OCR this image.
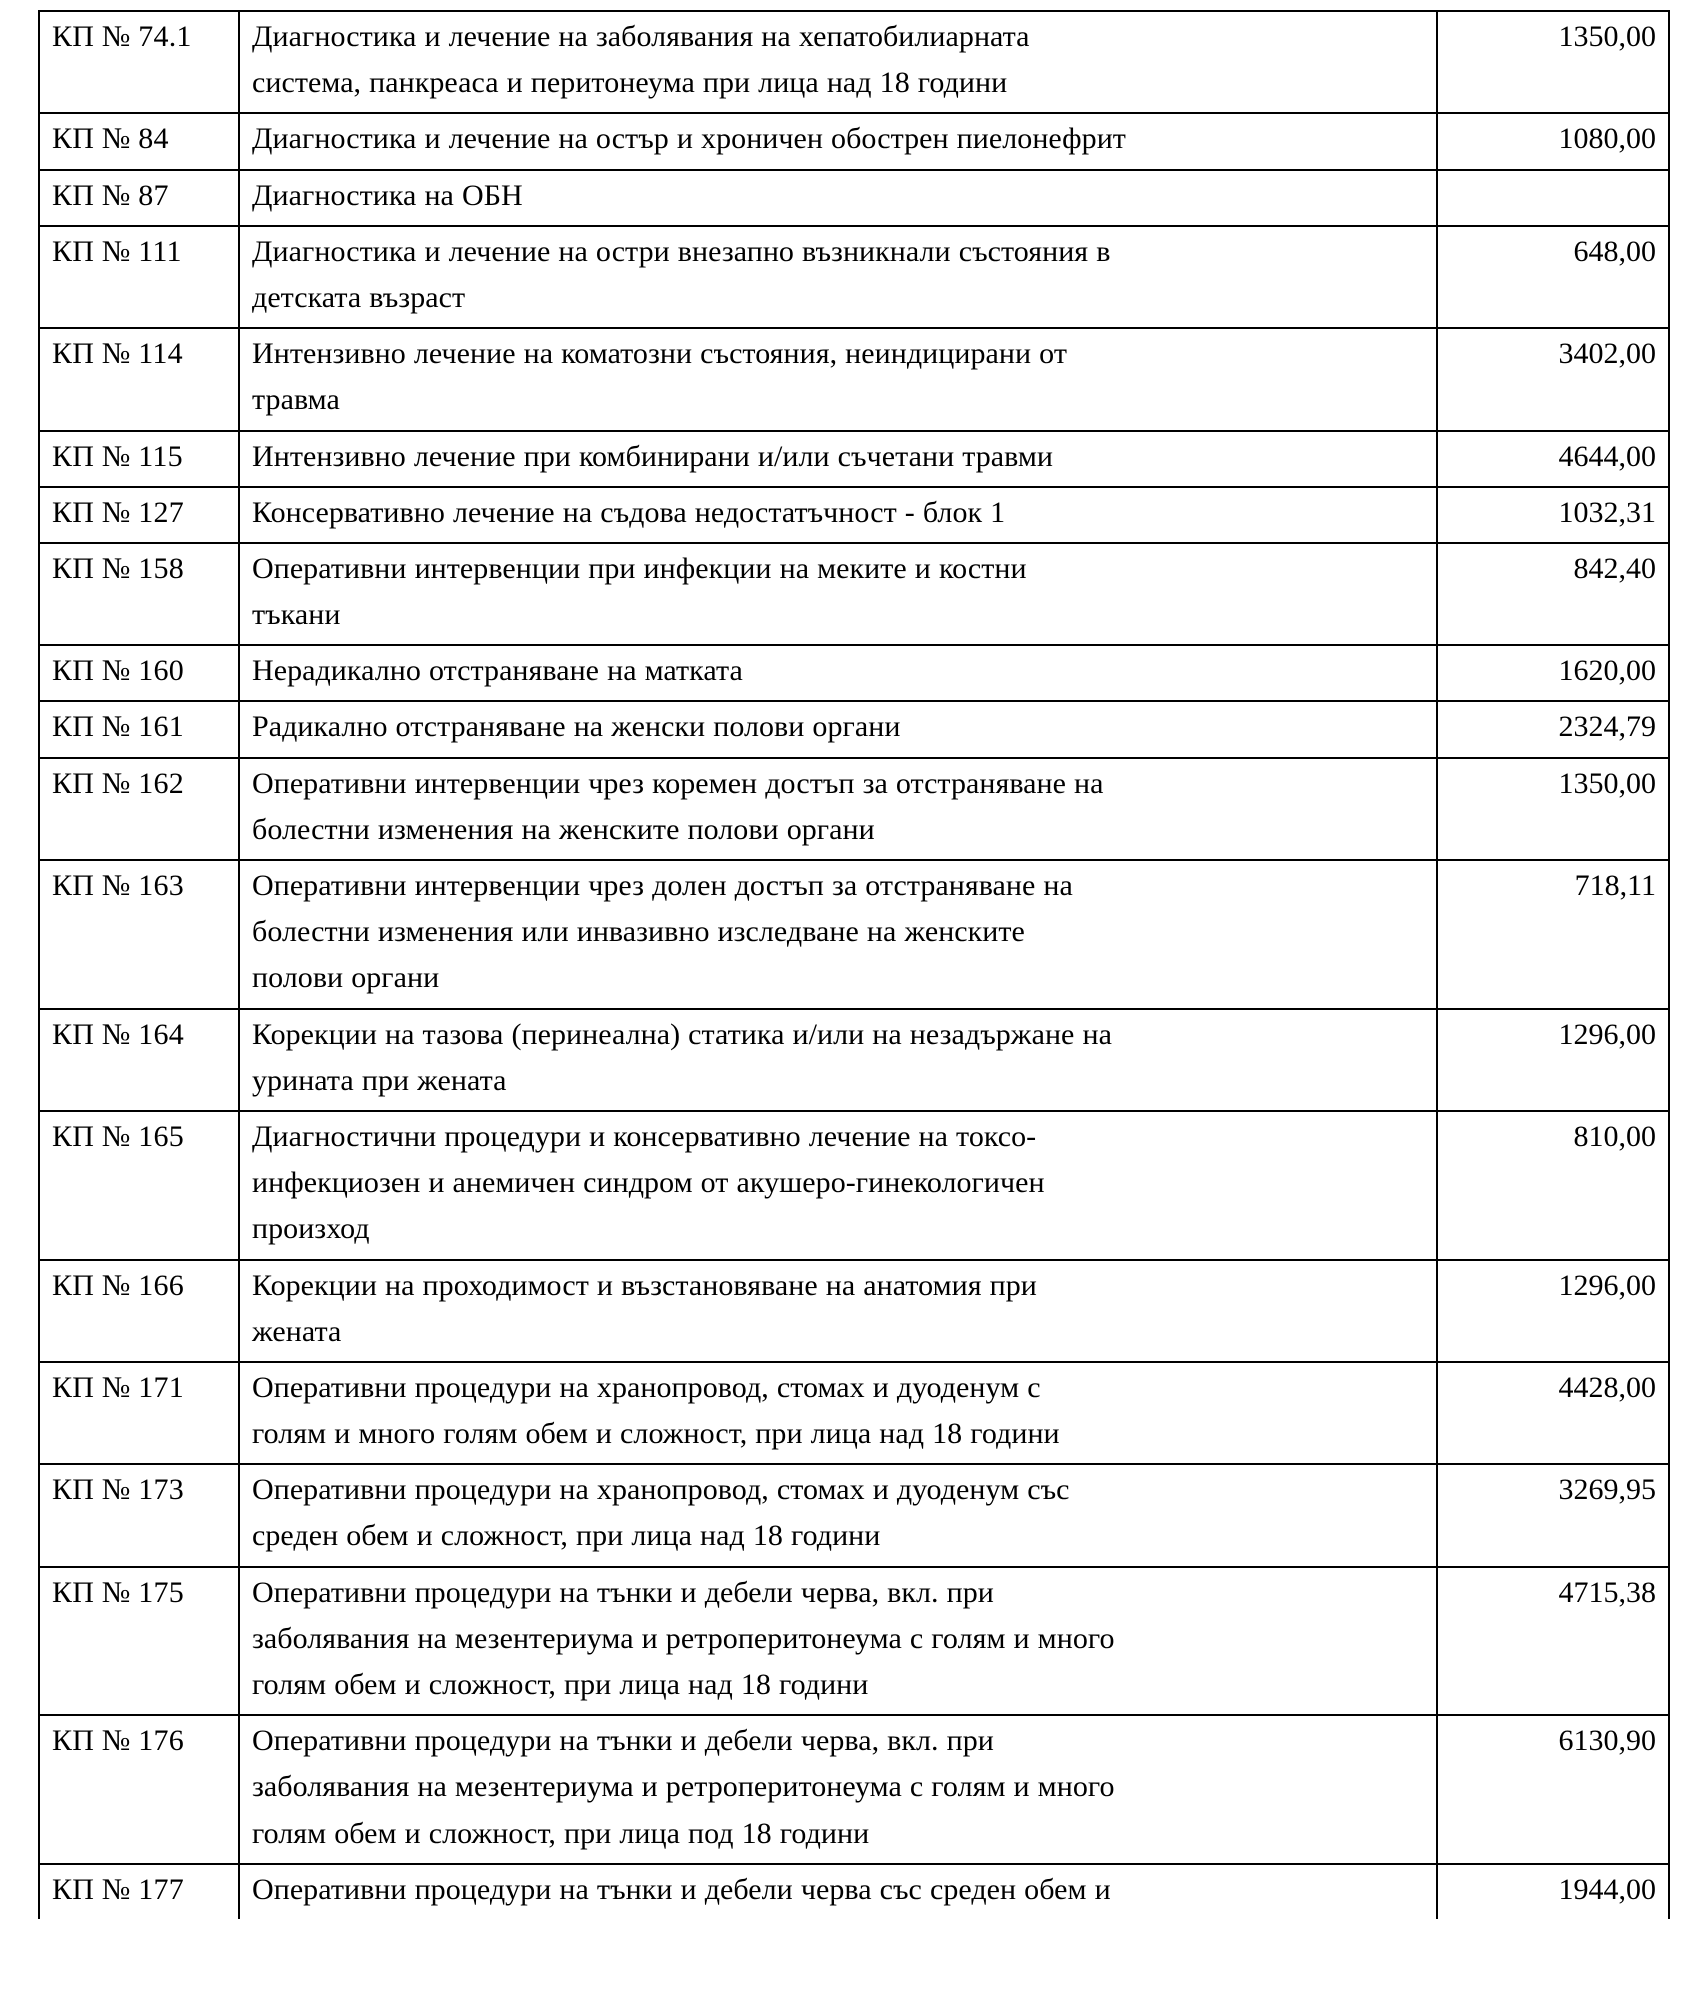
КП № 74.1	Диагностика и лечение на заболявания на хепатобилиарната
система, панкреаса и перитонеума при лица над 18 години	1350,00
КП № 84	Диагностика и лечение на остър и хроничен обострен пиелонефрит	1080,00
КП № 87	Диагностика на ОБН	

КП № 111	Диагностика и лечение на остри внезапно възникнали състояния в
детската възраст	648,00
КП № 114	Интензивно лечение на коматозни състояния, неиндицирани от
травма	3402,00
КП № 115	Интензивно лечение при комбинирани и/или съчетани травми	4644,00
КП № 127	Консервативно лечение на съдова недостатъчност - блок 1	1032,31
КП № 158	Оперативни интервенции при инфекции на меките и костни
тъкани	842,40
КП № 160	Нерадикално отстраняване на матката	1620,00
КП № 161	Радикално отстраняване на женски полови органи	2324,79
КП № 162	Оперативни интервенции чрез коремен достъп за отстраняване на
болестни изменения на женските полови органи	1350,00
КП № 163	Оперативни интервенции чрез долен достъп за отстраняване на
болестни изменения или инвазивно изследване на женските
полови органи	718,11
КП № 164	Корекции на тазова (перинеална) статика и/или на незадържане на
урината при жената	1296,00
КП № 165	Диагностични процедури и консервативно лечение на токсо-
инфекциозен и анемичен синдром от акушеро-гинекологичен
произход	810,00
КП № 166	Корекции на проходимост и възстановяване на анатомия при
жената	1296,00
КП № 171	Оперативни процедури на хранопровод, стомах и дуоденум с
голям и много голям обем и сложност, при лица над 18 години	4428,00
КП № 173	Оперативни процедури на хранопровод, стомах и дуоденум със
среден обем и сложност, при лица над 18 години	3269,95
КП № 175	Оперативни процедури на тънки и дебели черва, вкл. при
заболявания на мезентериума и ретроперитонеума с голям и много
голям обем и сложност, при лица над 18 години	4715,38
КП № 176	Оперативни процедури на тънки и дебели черва, вкл. при
заболявания на мезентериума и ретроперитонеума с голям и много
голям обем и сложност, при лица под 18 години	6130,90
КП № 177	Оперативни процедури на тънки и дебели черва със среден обем и	1944,00
